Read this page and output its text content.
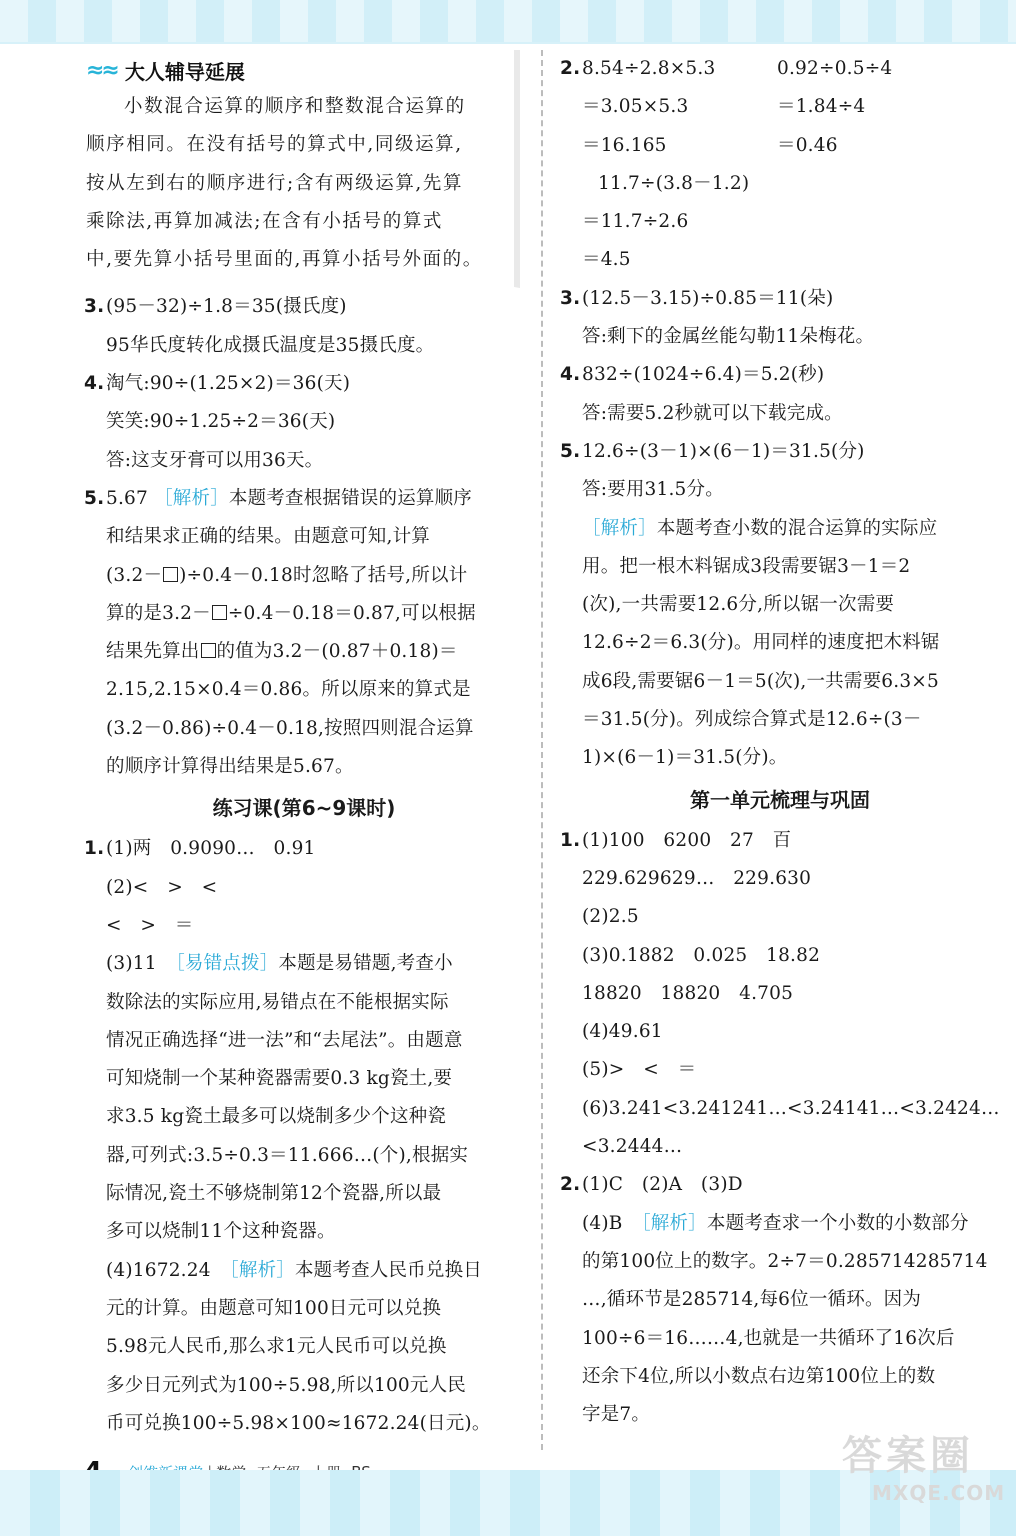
≈≈ 大人辅导延展
小数混合运算的顺序和整数混合运算的
顺序相同。在没有括号的算式中,同级运算,
按从左到右的顺序进行;含有两级运算,先算
乘除法,再算加减法;在含有小括号的算式
中,要先算小括号里面的,再算小括号外面的。
3.(95－32)÷1.8＝35(摄氏度)
95华氏度转化成摄氏温度是35摄氏度。
4.淘气:90÷(1.25×2)＝36(天)
笑笑:90÷1.25÷2＝36(天)
答:这支牙膏可以用36天。
5.5.67 ［解析］本题考查根据错误的运算顺序
和结果求正确的结果。由题意可知,计算
(3.2－ )÷0.4－0.18时忽略了括号,所以计
算的是3.2－ ÷0.4－0.18＝0.87,可以根据
结果先算出 的值为3.2－(0.87＋0.18)＝
2.15,2.15×0.4＝0.86。所以原来的算式是
(3.2－0.86)÷0.4－0.18,按照四则混合运算
的顺序计算得出结果是5.67。
练习课(第6~9课时)
1.(1)两　0.9090…　0.91
(2)<　>　<
<　>　＝
(3)11　［易错点拨］本题是易错题,考查小
数除法的实际应用,易错点在不能根据实际
情况正确选择“进一法”和“去尾法”。由题意
可知烧制一个某种瓷器需要0.3 kg瓷土,要
求3.5 kg瓷土最多可以烧制多少个这种瓷
器,可列式:3.5÷0.3＝11.666…(个),根据实
际情况,瓷土不够烧制第12个瓷器,所以最
多可以烧制11个这种瓷器。
(4)1672.24　［解析］本题考查人民币兑换日
元的计算。由题意可知100日元可以兑换
5.98元人民币,那么求1元人民币可以兑换
多少日元列式为100÷5.98,所以100元人民
币可兑换100÷5.98×100≈1672.24(日元)。
2.8.54÷2.8×5.3	0.92÷0.5÷4
＝3.05×5.3	＝1.84÷4
＝16.165	＝0.46
11.7÷(3.8－1.2)
＝11.7÷2.6
＝4.5
3.(12.5－3.15)÷0.85＝11(朵)
答:剩下的金属丝能勾勒11朵梅花。
4.832÷(1024÷6.4)＝5.2(秒)
答:需要5.2秒就可以下载完成。
5.12.6÷(3－1)×(6－1)＝31.5(分)
答:要用31.5分。
［解析］本题考查小数的混合运算的实际应
用。把一根木料锯成3段需要锯3－1＝2
(次),一共需要12.6分,所以锯一次需要
12.6÷2＝6.3(分)。用同样的速度把木料锯
成6段,需要锯6－1＝5(次),一共需要6.3×5
＝31.5(分)。列成综合算式是12.6÷(3－
1)×(6－1)＝31.5(分)。
第一单元梳理与巩固
1.(1)100　6200　27　百
229.629629…　229.630
(2)2.5
(3)0.1882　0.025　18.82
18820　18820　4.705
(4)49.61
(5)>　<　＝
(6)3.241<3.241241…<3.24141…<3.2424…
<3.2444…
2.(1)C　(2)A　(3)D
(4)B　［解析］本题考查求一个小数的小数部分
的第100位上的数字。2÷7＝0.285714285714
…,循环节是285714,每6位一循环。因为
100÷6＝16……4,也就是一共循环了16次后
还余下4位,所以小数点右边第100位上的数
字是7。
答案圈
MXQE.COM
